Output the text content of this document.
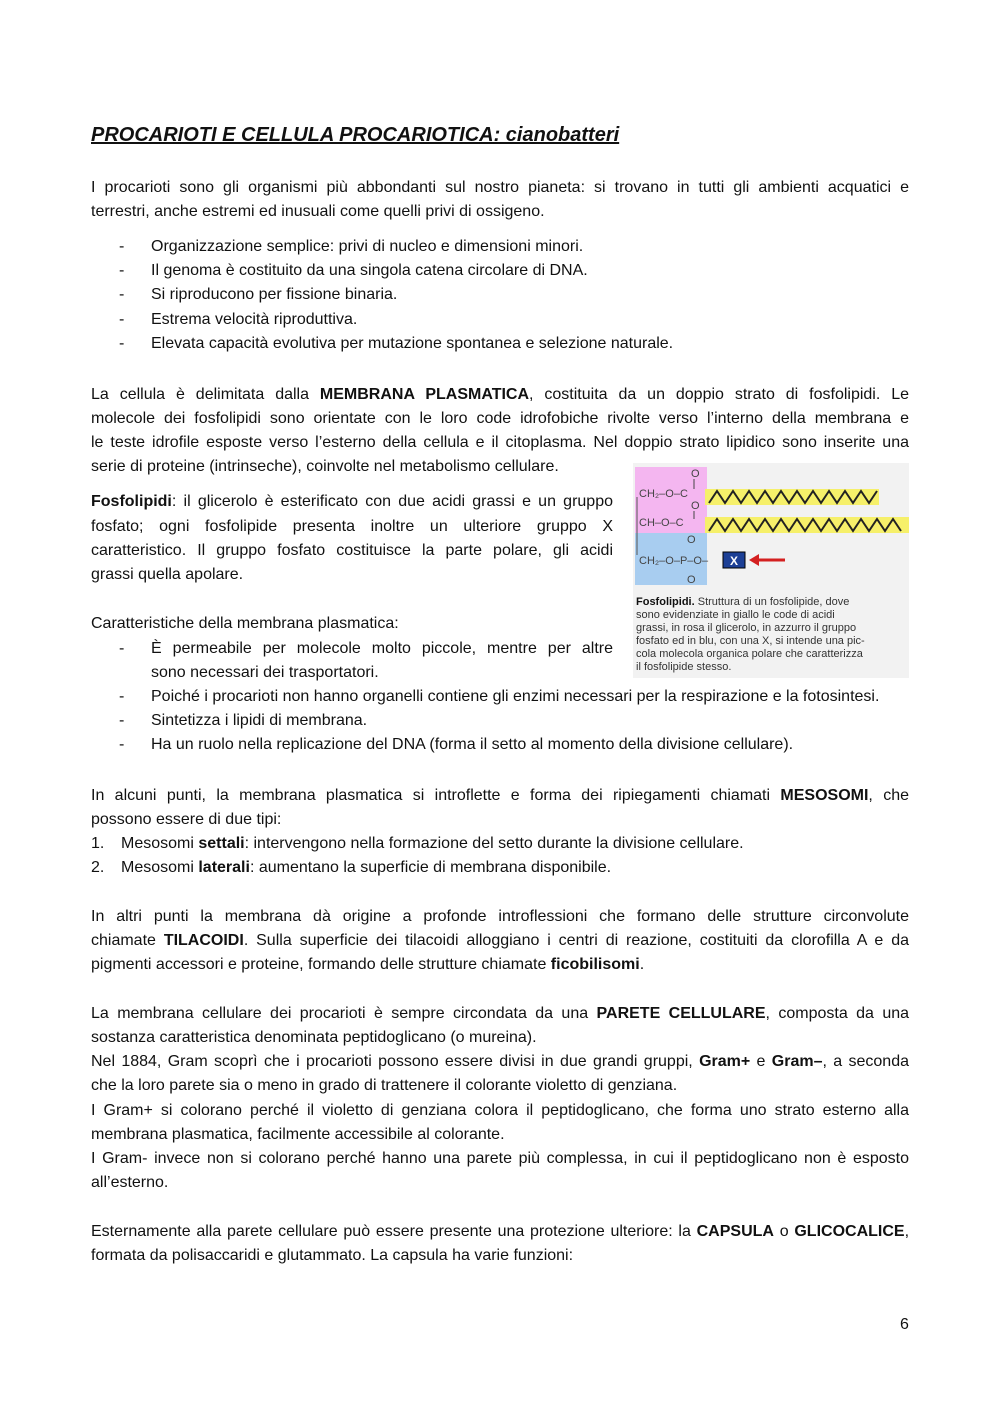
PROCARIOTI E CELLULA PROCARIOTICA: cianobatteri
I procarioti sono gli organismi più abbondanti sul nostro pianeta: si trovano in tutti gli ambienti acquatici e
terrestri, anche estremi ed inusuali come quelli privi di ossigeno.
- Organizzazione semplice: privi di nucleo e dimensioni minori.
- Il genoma è costituito da una singola catena circolare di DNA.
- Si riproducono per fissione binaria.
- Estrema velocità riproduttiva.
- Elevata capacità evolutiva per mutazione spontanea e selezione naturale.
La cellula è delimitata dalla MEMBRANA PLASMATICA, costituita da un doppio strato di fosfolipidi. Le
molecole dei fosfolipidi sono orientate con le loro code idrofobiche rivolte verso l’interno della membrana e
le teste idrofile esposte verso l’esterno della cellula e il citoplasma. Nel doppio strato lipidico sono inserite una
serie di proteine (intrinseche), coinvolte nel metabolismo cellulare.
Fosfolipidi: il glicerolo è esterificato con due acidi grassi e un gruppo
fosfato; ogni fosfolipide presenta inoltre un ulteriore gruppo X
caratteristico. Il gruppo fosfato costituisce la parte polare, gli acidi
grassi quella apolare.
Caratteristiche della membrana plasmatica:
- È permeabile per molecole molto piccole, mentre per altre
sono necessari dei trasportatori.
- Poiché i procarioti non hanno organelli contiene gli enzimi necessari per la respirazione e la fotosintesi.
- Sintetizza i lipidi di membrana.
- Ha un ruolo nella replicazione del DNA (forma il setto al momento della divisione cellulare).
In alcuni punti, la membrana plasmatica si introflette e forma dei ripiegamenti chiamati MESOSOMI, che
possono essere di due tipi:
1. Mesosomi settali: intervengono nella formazione del setto durante la divisione cellulare.
2. Mesosomi laterali: aumentano la superficie di membrana disponibile.
In altri punti la membrana dà origine a profonde introflessioni che formano delle strutture circonvolute
chiamate TILACOIDI. Sulla superficie dei tilacoidi alloggiano i centri di reazione, costituiti da clorofilla A e da
pigmenti accessori e proteine, formando delle strutture chiamate ficobilisomi.
La membrana cellulare dei procarioti è sempre circondata da una PARETE CELLULARE, composta da una
sostanza caratteristica denominata peptidoglicano (o mureina).
Nel 1884, Gram scoprì che i procarioti possono essere divisi in due grandi gruppi, Gram+ e Gram–, a seconda
che la loro parete sia o meno in grado di trattenere il colorante violetto di genziana.
I Gram+ si colorano perché il violetto di genziana colora il peptidoglicano, che forma uno strato esterno alla
membrana plasmatica, facilmente accessibile al colorante.
I Gram- invece non si colorano perché hanno una parete più complessa, in cui il peptidoglicano non è esposto
all’esterno.
Esternamente alla parete cellulare può essere presente una protezione ulteriore: la CAPSULA o GLICOCALICE,
formata da polisaccaridi e glutammato. La capsula ha varie funzioni:
O
O
CH₂–O–C
CH–O–C
CH₂–O–P–O–
O
O
X
Fosfolipidi. Struttura di un fosfolipide, dove
sono evidenziate in giallo le code di acidi
grassi, in rosa il glicerolo, in azzurro il gruppo
fosfato ed in blu, con una X, si intende una pic-
cola molecola organica polare che caratterizza
il fosfolipide stesso.
6
